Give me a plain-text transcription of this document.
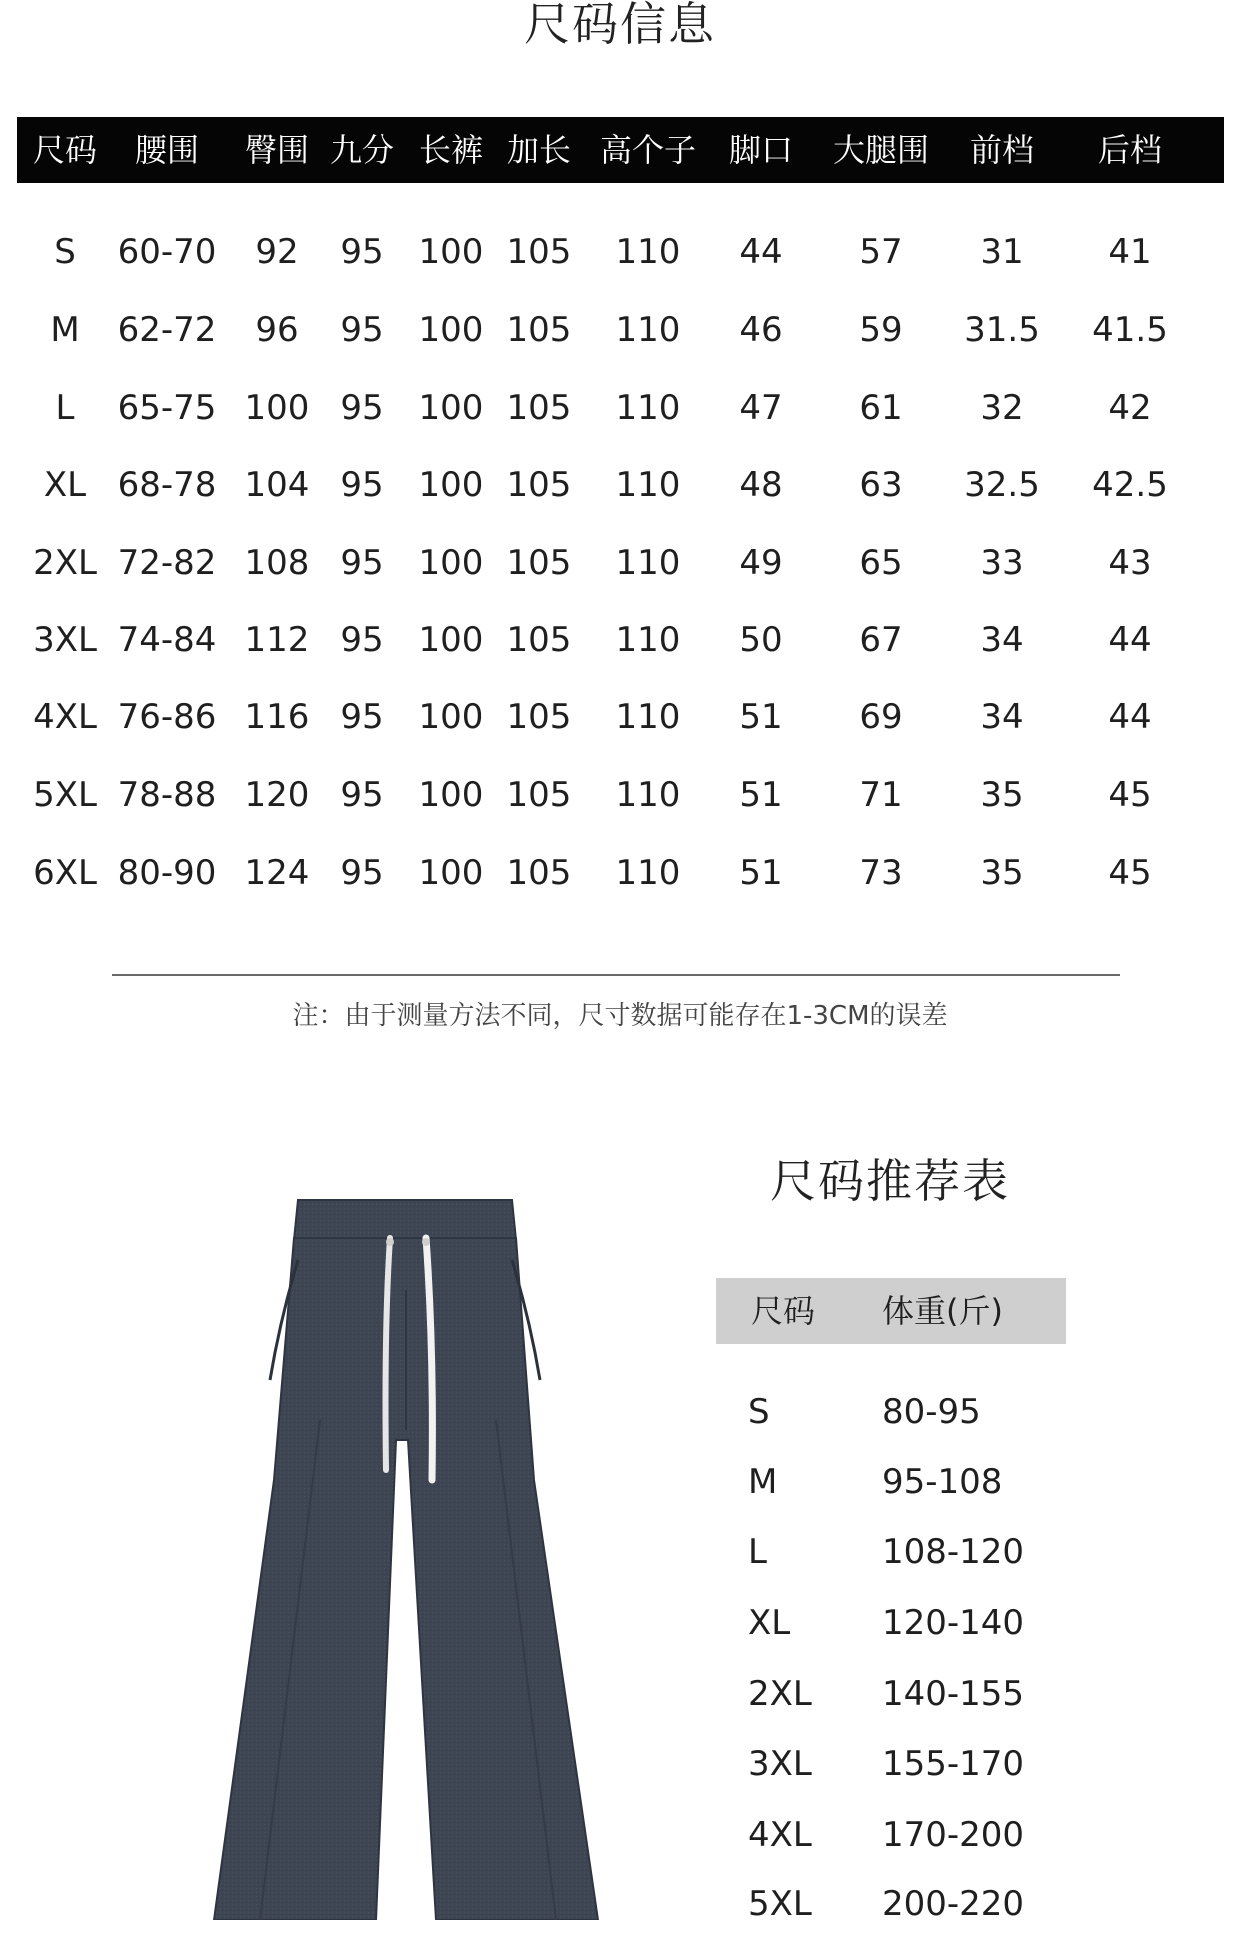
尺码信息
尺码	腰围	臀围 九分 长裤 加长 高个子	脚口	大腿围	前档	后档
S	60-70	92	95	100 105	110	44	57	31	41
M	62-72	96	95	100 105	110	46	59	31.5	41.5
L	65-75 100 95	100 105	110	47	61	32	42
XL 68-78 104 95	100 105	110	48	63	32.5	42.5
2XL 72-82 108 95	100 105	110	49	65	33	43
3XL 74-84 112 95	100 105	110	50	67	34	44
4XL 76-86 116 95	100 105	110	51	69	34	44
5XL 78-88 120 95	100 105	110	51	71	35	45
6XL 80-90 124 95	100 105	110	51	73	35	45
注：由于测量方法不同，尺寸数据可能存在1-3CM的误差
尺码推荐表
尺码 体重(斤)
S	80-95
M	95-108
L	108-120
XL	120-140
2XL 140-155
3XL 155-170
4XL 170-200
5XL 200-220
